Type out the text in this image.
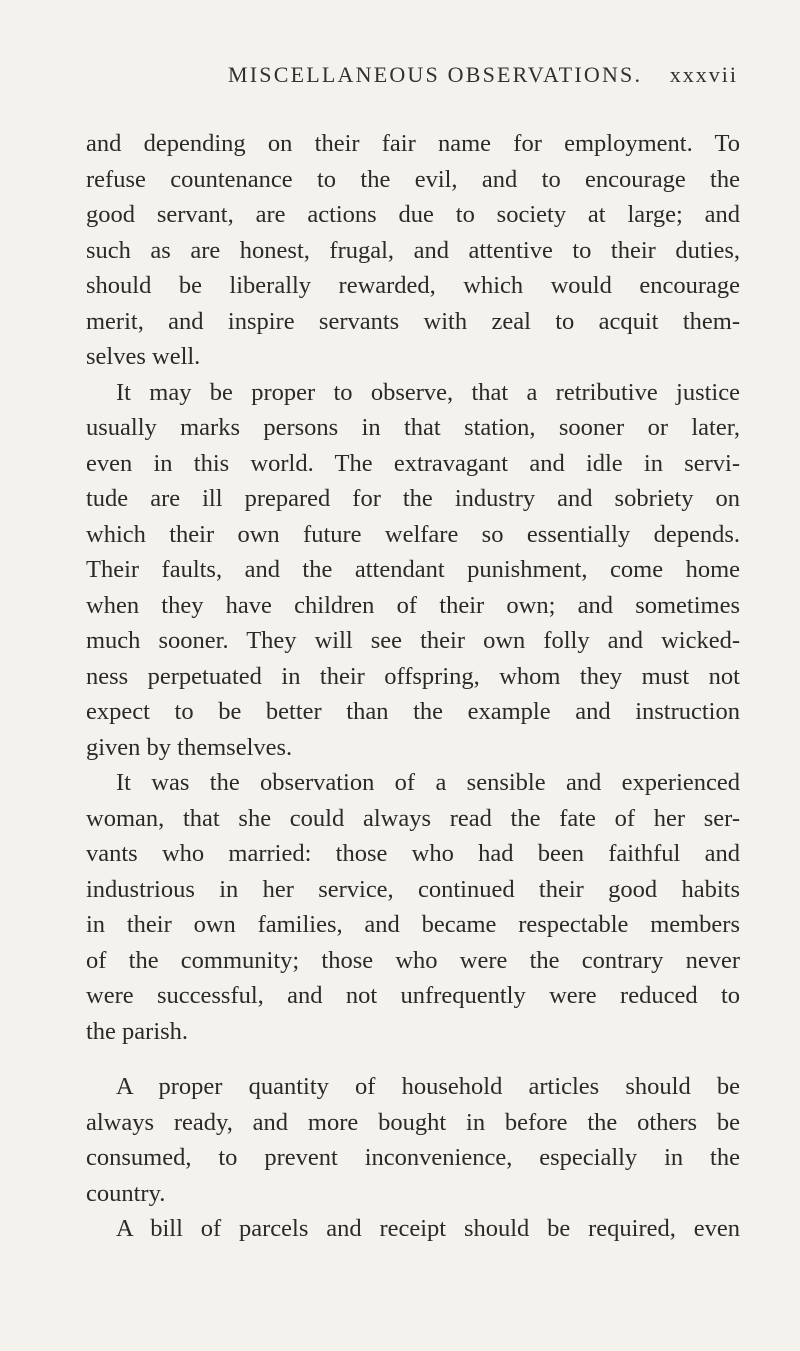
MISCELLANEOUS OBSERVATIONS. xxxvii
and depending on their fair name for employment. To
refuse countenance to the evil, and to encourage the
good servant, are actions due to society at large; and
such as are honest, frugal, and attentive to their duties,
should be liberally rewarded, which would encourage
merit, and inspire servants with zeal to acquit them-
selves well.
It may be proper to observe, that a retributive justice
usually marks persons in that station, sooner or later,
even in this world. The extravagant and idle in servi-
tude are ill prepared for the industry and sobriety on
which their own future welfare so essentially depends.
Their faults, and the attendant punishment, come home
when they have children of their own; and sometimes
much sooner. They will see their own folly and wicked-
ness perpetuated in their offspring, whom they must not
expect to be better than the example and instruction
given by themselves.
It was the observation of a sensible and experienced
woman, that she could always read the fate of her ser-
vants who married: those who had been faithful and
industrious in her service, continued their good habits
in their own families, and became respectable members
of the community; those who were the contrary never
were successful, and not unfrequently were reduced to
the parish.
A proper quantity of household articles should be
always ready, and more bought in before the others be
consumed, to prevent inconvenience, especially in the
country.
A bill of parcels and receipt should be required, even
